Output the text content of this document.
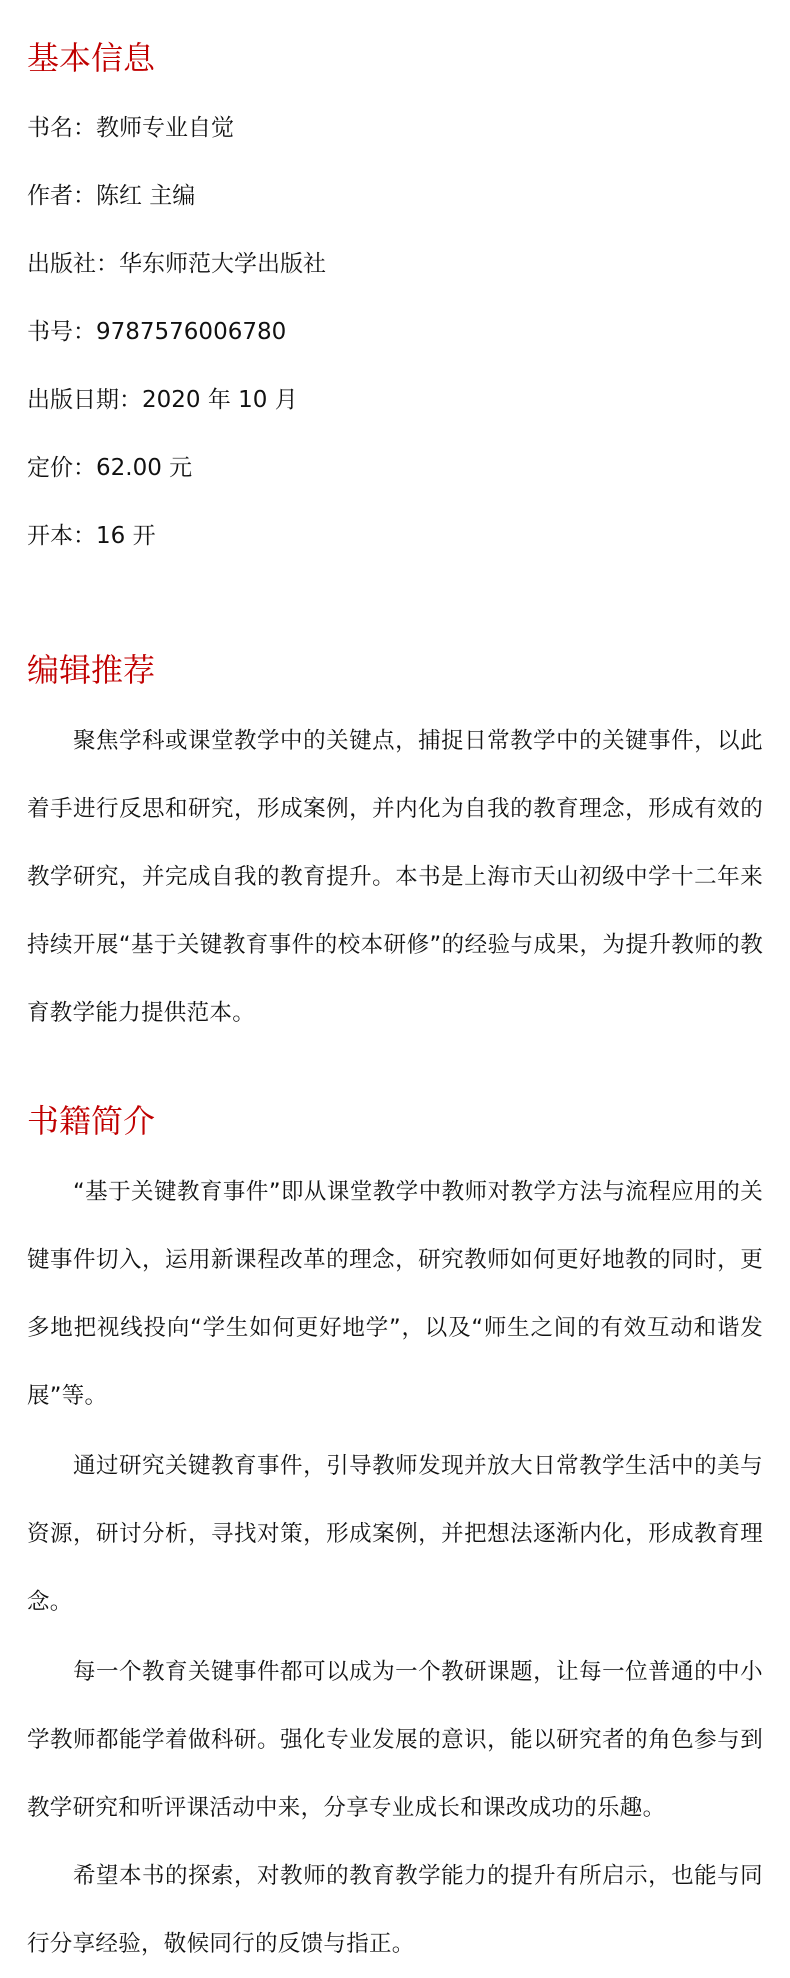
基本信息

书名：教师专业自觉

作者：陈红 主编

出版社：华东师范大学出版社

书号：9787576006780

出版日期：2020 年 10 月

定价：62.00 元

开本：16 开

编辑推荐

聚焦学科或课堂教学中的关键点，捕捉日常教学中的关键事件，以此着手进行反思和研究，形成案例，并内化为自我的教育理念，形成有效的教学研究，并完成自我的教育提升。本书是上海市天山初级中学十二年来持续开展“基于关键教育事件的校本研修”的经验与成果，为提升教师的教育教学能力提供范本。

书籍简介

“基于关键教育事件”即从课堂教学中教师对教学方法与流程应用的关键事件切入，运用新课程改革的理念，研究教师如何更好地教的同时，更多地把视线投向“学生如何更好地学”，以及“师生之间的有效互动和谐发展”等。

通过研究关键教育事件，引导教师发现并放大日常教学生活中的美与资源，研讨分析，寻找对策，形成案例，并把想法逐渐内化，形成教育理念。

每一个教育关键事件都可以成为一个教研课题，让每一位普通的中小学教师都能学着做科研。强化专业发展的意识，能以研究者的角色参与到教学研究和听评课活动中来，分享专业成长和课改成功的乐趣。

希望本书的探索，对教师的教育教学能力的提升有所启示，也能与同行分享经验，敬候同行的反馈与指正。
